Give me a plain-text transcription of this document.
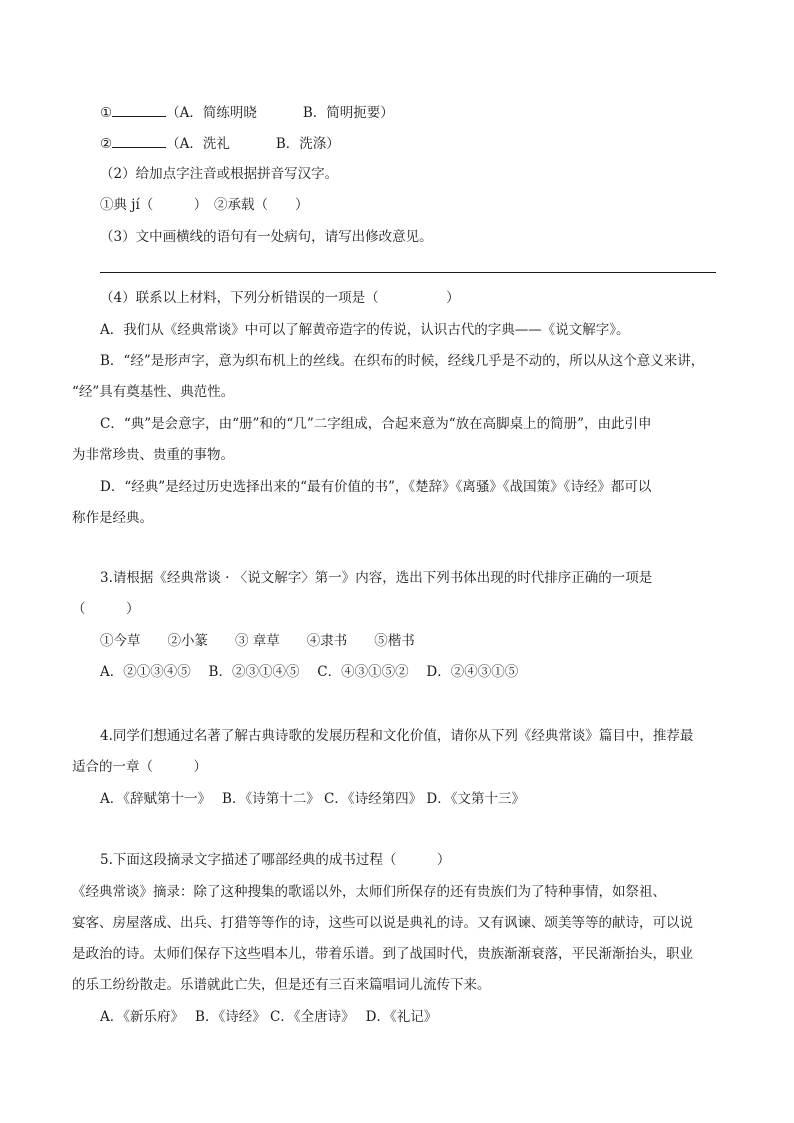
①	（A．简练明晓	B．简明扼要）
②	（A．洗礼	B．洗涤）
（2）给加点字注音或根据拼音写汉字。
①典 jí（　　　）　②承载（　　）
（3）文中画横线的语句有一处病句，请写出修改意见。
（4）联系以上材料，下列分析错误的一项是（　　　　　）
A．我们从《经典常谈》中可以了解黄帝造字的传说，认识古代的字典——《说文解字》。
B．“经”是形声字，意为织布机上的丝线。在织布的时候，经线几乎是不动的，所以从这个意义来讲，
“经”具有奠基性、典范性。
C．“典”是会意字，由“册”和的“几”二字组成，合起来意为“放在高脚桌上的简册”，由此引申
为非常珍贵、贵重的事物。
D．“经典”是经过历史选择出来的“最有价值的书”，《楚辞》《离骚》《战国策》《诗经》都可以
称作是经典。
3.请根据《经典常谈 · 〈说文解字〉第一》内容，选出下列书体出现的时代排序正确的一项是
（　　　）
①今草　　②小篆　　③ 章草　　④隶书　　⑤楷书
A．②①③④⑤　 B．②③①④⑤　 C．④③①⑤②　 D．②④③①⑤
4.同学们想通过名著了解古典诗歌的发展历程和文化价值，请你从下列《经典常谈》篇目中，推荐最
适合的一章（　　　）
A．《辞赋第十一》　 B．《诗第十二》 C．《诗经第四》 D．《文第十三》
5.下面这段摘录文字描述了哪部经典的成书过程（　　　）
《经典常谈》摘录：除了这种搜集的歌谣以外，太师们所保存的还有贵族们为了特种事情，如祭祖、
宴客、房屋落成、出兵、打猎等等作的诗，这些可以说是典礼的诗。又有讽谏、颂美等等的献诗，可以说
是政治的诗。太师们保存下这些唱本儿，带着乐谱。到了战国时代，贵族渐渐衰落，平民渐渐抬头，职业
的乐工纷纷散走。乐谱就此亡失，但是还有三百来篇唱词儿流传下来。
A．《新乐府》　 B．《诗经》 C．《全唐诗》　 D．《礼记》
